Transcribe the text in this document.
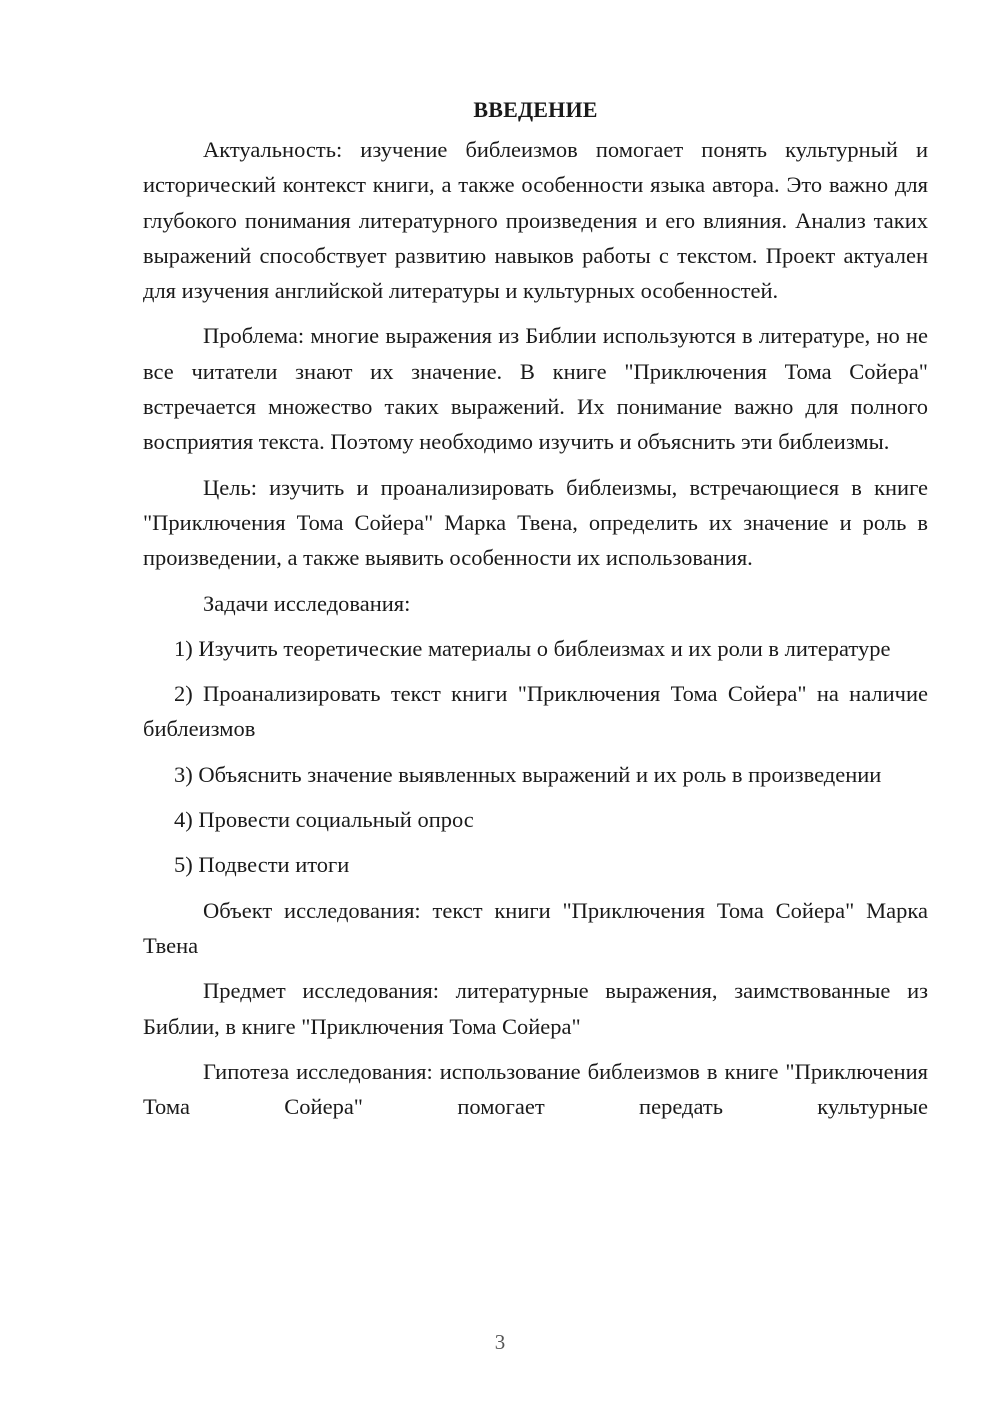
ВВЕДЕНИЕ

Актуальность: изучение библеизмов помогает понять культурный и исторический контекст книги, а также особенности языка автора. Это важно для глубокого понимания литературного произведения и его влияния. Анализ таких выражений способствует развитию навыков работы с текстом. Проект актуален для изучения английской литературы и культурных особенностей.

Проблема: многие выражения из Библии используются в литературе, но не все читатели знают их значение. В книге "Приключения Тома Сойера" встречается множество таких выражений. Их понимание важно для полного восприятия текста. Поэтому необходимо изучить и объяснить эти библеизмы.

Цель: изучить и проанализировать библеизмы, встречающиеся в книге "Приключения Тома Сойера" Марка Твена, определить их значение и роль в произведении, а также выявить особенности их использования.

Задачи исследования:

1) Изучить теоретические материалы о библеизмах и их роли в литературе

2) Проанализировать текст книги "Приключения Тома Сойера" на наличие библеизмов

3) Объяснить значение выявленных выражений и их роль в произведении

4) Провести социальный опрос

5) Подвести итоги

Объект исследования: текст книги "Приключения Тома Сойера" Марка Твена

Предмет исследования: литературные выражения, заимствованные из Библии, в книге "Приключения Тома Сойера"

Гипотеза исследования: использование библеизмов в книге "Приключения Тома Сойера" помогает передать культурные

3
